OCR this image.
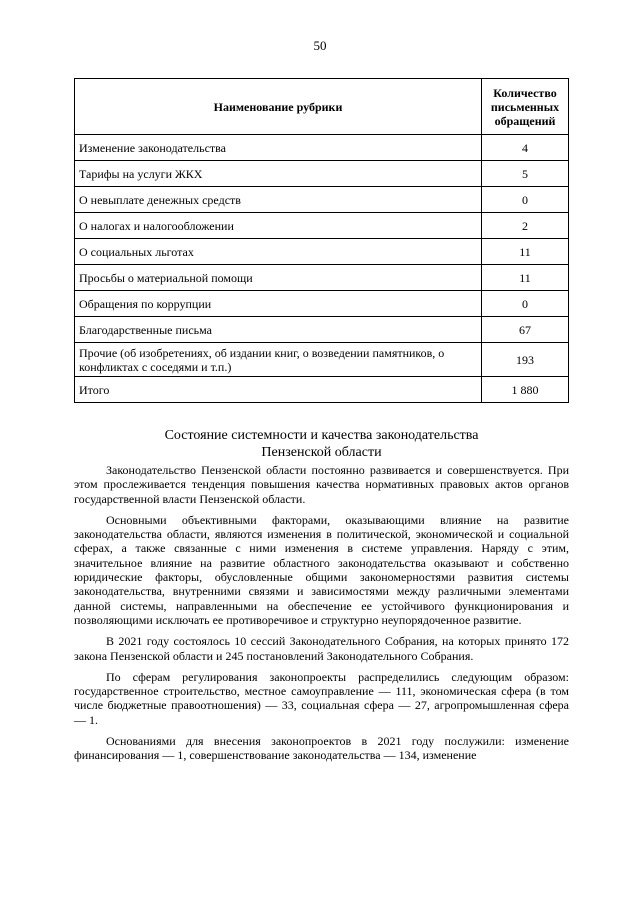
50
Наименование рубрики	Количество письменных обращений
Изменение законодательства	4
Тарифы на услуги ЖКХ	5
О невыплате денежных средств	0
О налогах и налогообложении	2
О социальных льготах	11
Просьбы о материальной помощи	11
Обращения по коррупции	0
Благодарственные письма	67
Прочие (об изобретениях, об издании книг, о возведении памятников, о конфликтах с соседями и т.п.)	193
Итого	1 880
Состояние системности и качества законодательства
Пензенской области

Законодательство Пензенской области постоянно развивается и совершенствуется. При этом прослеживается тенденция повышения качества нормативных правовых актов органов государственной власти Пензенской области.

Основными объективными факторами, оказывающими влияние на развитие законодательства области, являются изменения в политической, экономической и социальной сферах, а также связанные с ними изменения в системе управления. Наряду с этим, значительное влияние на развитие областного законодательства оказывают и собственно юридические факторы, обусловленные общими закономерностями развития системы законодательства, внутренними связями и зависимостями между различными элементами данной системы, направленными на обеспечение ее устойчивого функционирования и позволяющими исключать ее противоречивое и структурно неупорядоченное развитие.

В 2021 году состоялось 10 сессий Законодательного Собрания, на которых принято 172 закона Пензенской области и 245 постановлений Законодательного Собрания.

По сферам регулирования законопроекты распределились следующим образом: государственное строительство, местное самоуправление — 111, экономическая сфера (в том числе бюджетные правоотношения) — 33, социальная сфера — 27, агропромышленная сфера — 1.

Основаниями для внесения законопроектов в 2021 году послужили: изменение финансирования — 1, совершенствование законодательства — 134, изменение
